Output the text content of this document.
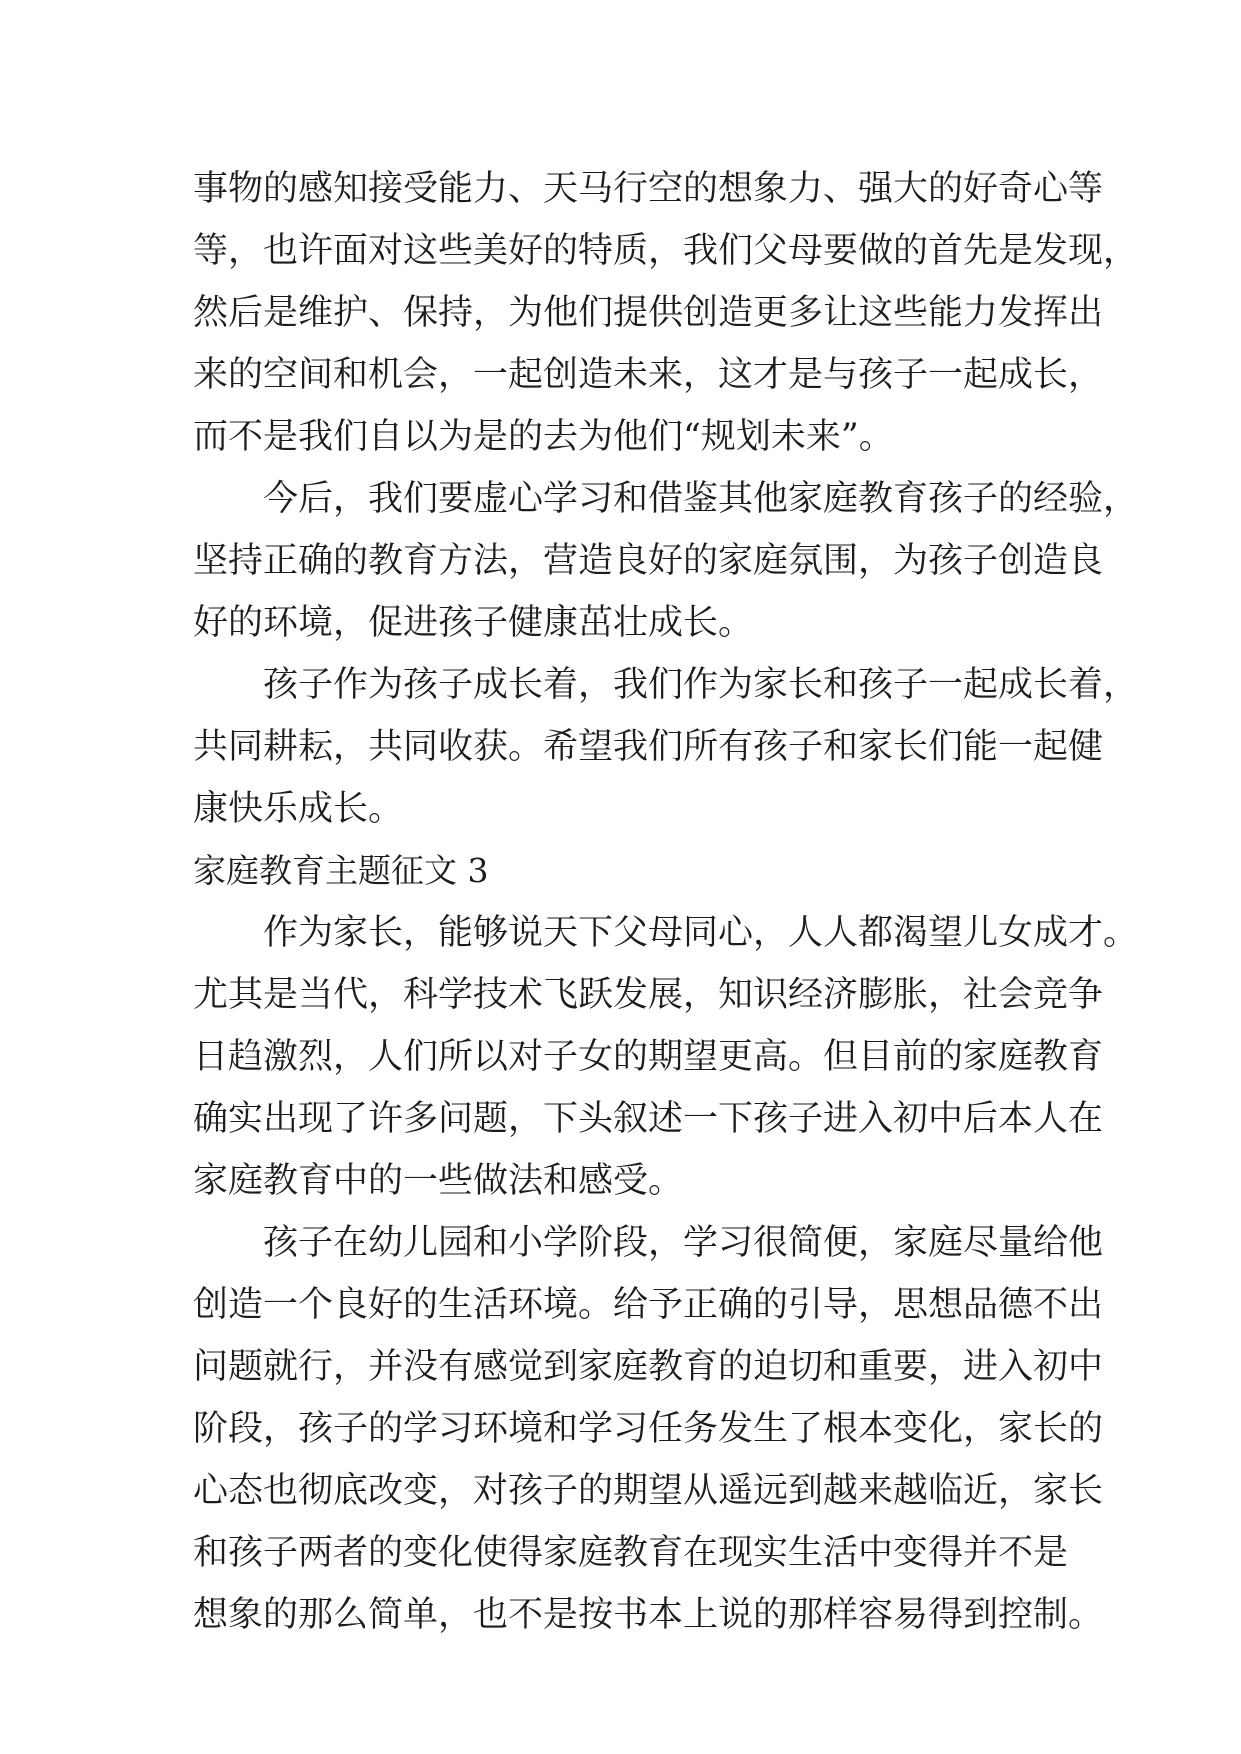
事物的感知接受能力、天马行空的想象力、强大的好奇心等
等，也许面对这些美好的特质，我们父母要做的首先是发现，
然后是维护、保持，为他们提供创造更多让这些能力发挥出
来的空间和机会，一起创造未来，这才是与孩子一起成长，
而不是我们自以为是的去为他们“规划未来”。
今后，我们要虚心学习和借鉴其他家庭教育孩子的经验，
坚持正确的教育方法，营造良好的家庭氛围，为孩子创造良
好的环境，促进孩子健康茁壮成长。
孩子作为孩子成长着，我们作为家长和孩子一起成长着，
共同耕耘，共同收获。希望我们所有孩子和家长们能一起健
康快乐成长。
家庭教育主题征文 3
作为家长，能够说天下父母同心，人人都渴望儿女成才。
尤其是当代，科学技术飞跃发展，知识经济膨胀，社会竞争
日趋激烈，人们所以对子女的期望更高。但目前的家庭教育
确实出现了许多问题，下头叙述一下孩子进入初中后本人在
家庭教育中的一些做法和感受。
孩子在幼儿园和小学阶段，学习很简便，家庭尽量给他
创造一个良好的生活环境。给予正确的引导，思想品德不出
问题就行，并没有感觉到家庭教育的迫切和重要，进入初中
阶段，孩子的学习环境和学习任务发生了根本变化，家长的
心态也彻底改变，对孩子的期望从遥远到越来越临近，家长
和孩子两者的变化使得家庭教育在现实生活中变得并不是
想象的那么简单，也不是按书本上说的那样容易得到控制。
